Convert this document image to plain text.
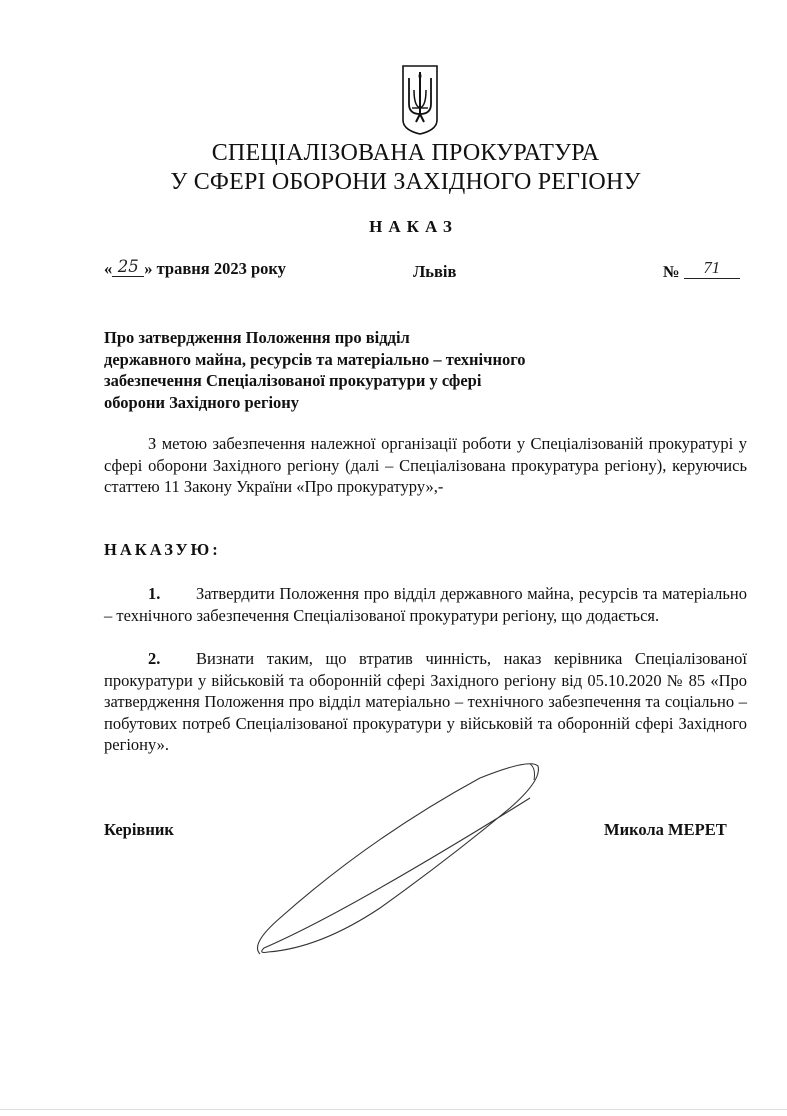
СПЕЦІАЛІЗОВАНА ПРОКУРАТУРА
У СФЕРІ ОБОРОНИ ЗАХІДНОГО РЕГІОНУ
НАКАЗ
« 25 » травня 2023 року	Львів	№ 71
Про затвердження Положення про відділ
державного майна, ресурсів та матеріально – технічного
забезпечення Спеціалізованої прокуратури у сфері
оборони Західного регіону
З метою забезпечення належної організації роботи у Спеціалізованій прокуратурі у сфері оборони Західного регіону (далі – Спеціалізована прокуратура регіону), керуючись статтею 11 Закону України «Про прокуратуру»,-
НАКАЗУЮ:
1. Затвердити Положення про відділ державного майна, ресурсів та матеріально – технічного забезпечення Спеціалізованої прокуратури регіону, що додається.
2. Визнати таким, що втратив чинність, наказ керівника Спеціалізованої прокуратури у військовій та оборонній сфері Західного регіону від 05.10.2020 № 85 «Про затвердження Положення про відділ матеріально – технічного забезпечення та соціально – побутових потреб Спеціалізованої прокуратури у військовій та оборонній сфері Західного регіону».
Керівник	Микола МЕРЕТ
